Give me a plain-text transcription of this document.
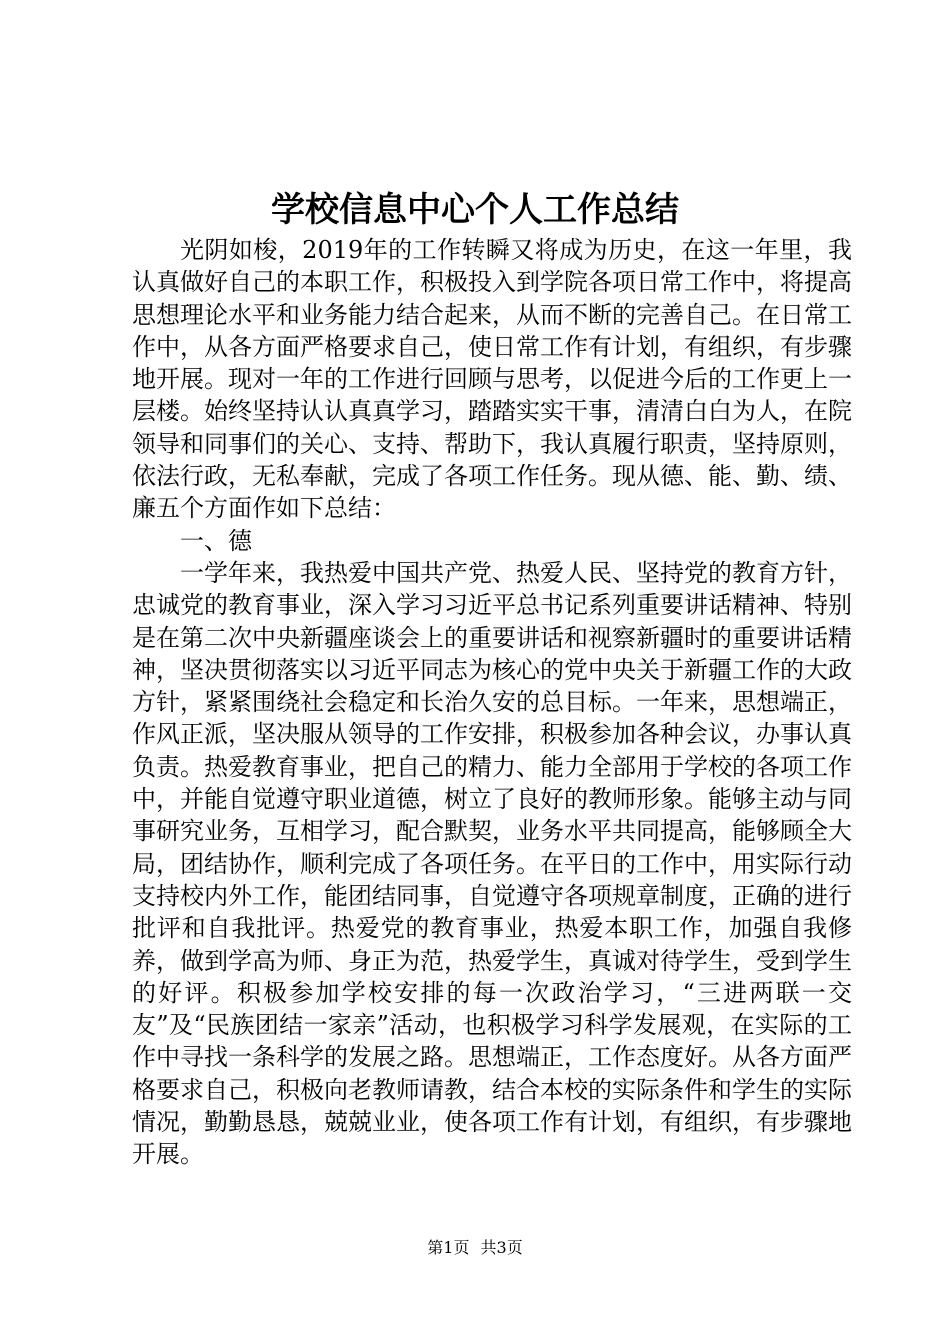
学校信息中心个人工作总结

光阴如梭，2019年的工作转瞬又将成为历史，在这一年里，我认真做好自己的本职工作，积极投入到学院各项日常工作中，将提高思想理论水平和业务能力结合起来，从而不断的完善自己。在日常工作中，从各方面严格要求自己，使日常工作有计划，有组织，有步骤地开展。现对一年的工作进行回顾与思考，以促进今后的工作更上一层楼。始终坚持认认真真学习，踏踏实实干事，清清白白为人，在院领导和同事们的关心、支持、帮助下，我认真履行职责，坚持原则，依法行政，无私奉献，完成了各项工作任务。现从德、能、勤、绩、廉五个方面作如下总结：

一、德

一学年来，我热爱中国共产党、热爱人民、坚持党的教育方针，忠诚党的教育事业，深入学习习近平总书记系列重要讲话精神、特别是在第二次中央新疆座谈会上的重要讲话和视察新疆时的重要讲话精神，坚决贯彻落实以习近平同志为核心的党中央关于新疆工作的大政方针，紧紧围绕社会稳定和长治久安的总目标。一年来，思想端正，作风正派，坚决服从领导的工作安排，积极参加各种会议，办事认真负责。热爱教育事业，把自己的精力、能力全部用于学校的各项工作中，并能自觉遵守职业道德，树立了良好的教师形象。能够主动与同事研究业务，互相学习，配合默契，业务水平共同提高，能够顾全大局，团结协作，顺利完成了各项任务。在平日的工作中，用实际行动支持校内外工作，能团结同事，自觉遵守各项规章制度，正确的进行批评和自我批评。热爱党的教育事业，热爱本职工作，加强自我修养，做到学高为师、身正为范，热爱学生，真诚对待学生，受到学生的好评。积极参加学校安排的每一次政治学习，“三进两联一交友”及“民族团结一家亲”活动，也积极学习科学发展观，在实际的工作中寻找一条科学的发展之路。思想端正，工作态度好。从各方面严格要求自己，积极向老教师请教，结合本校的实际条件和学生的实际情况，勤勤恳恳，兢兢业业，使各项工作有计划，有组织，有步骤地开展。

第1页 共3页
